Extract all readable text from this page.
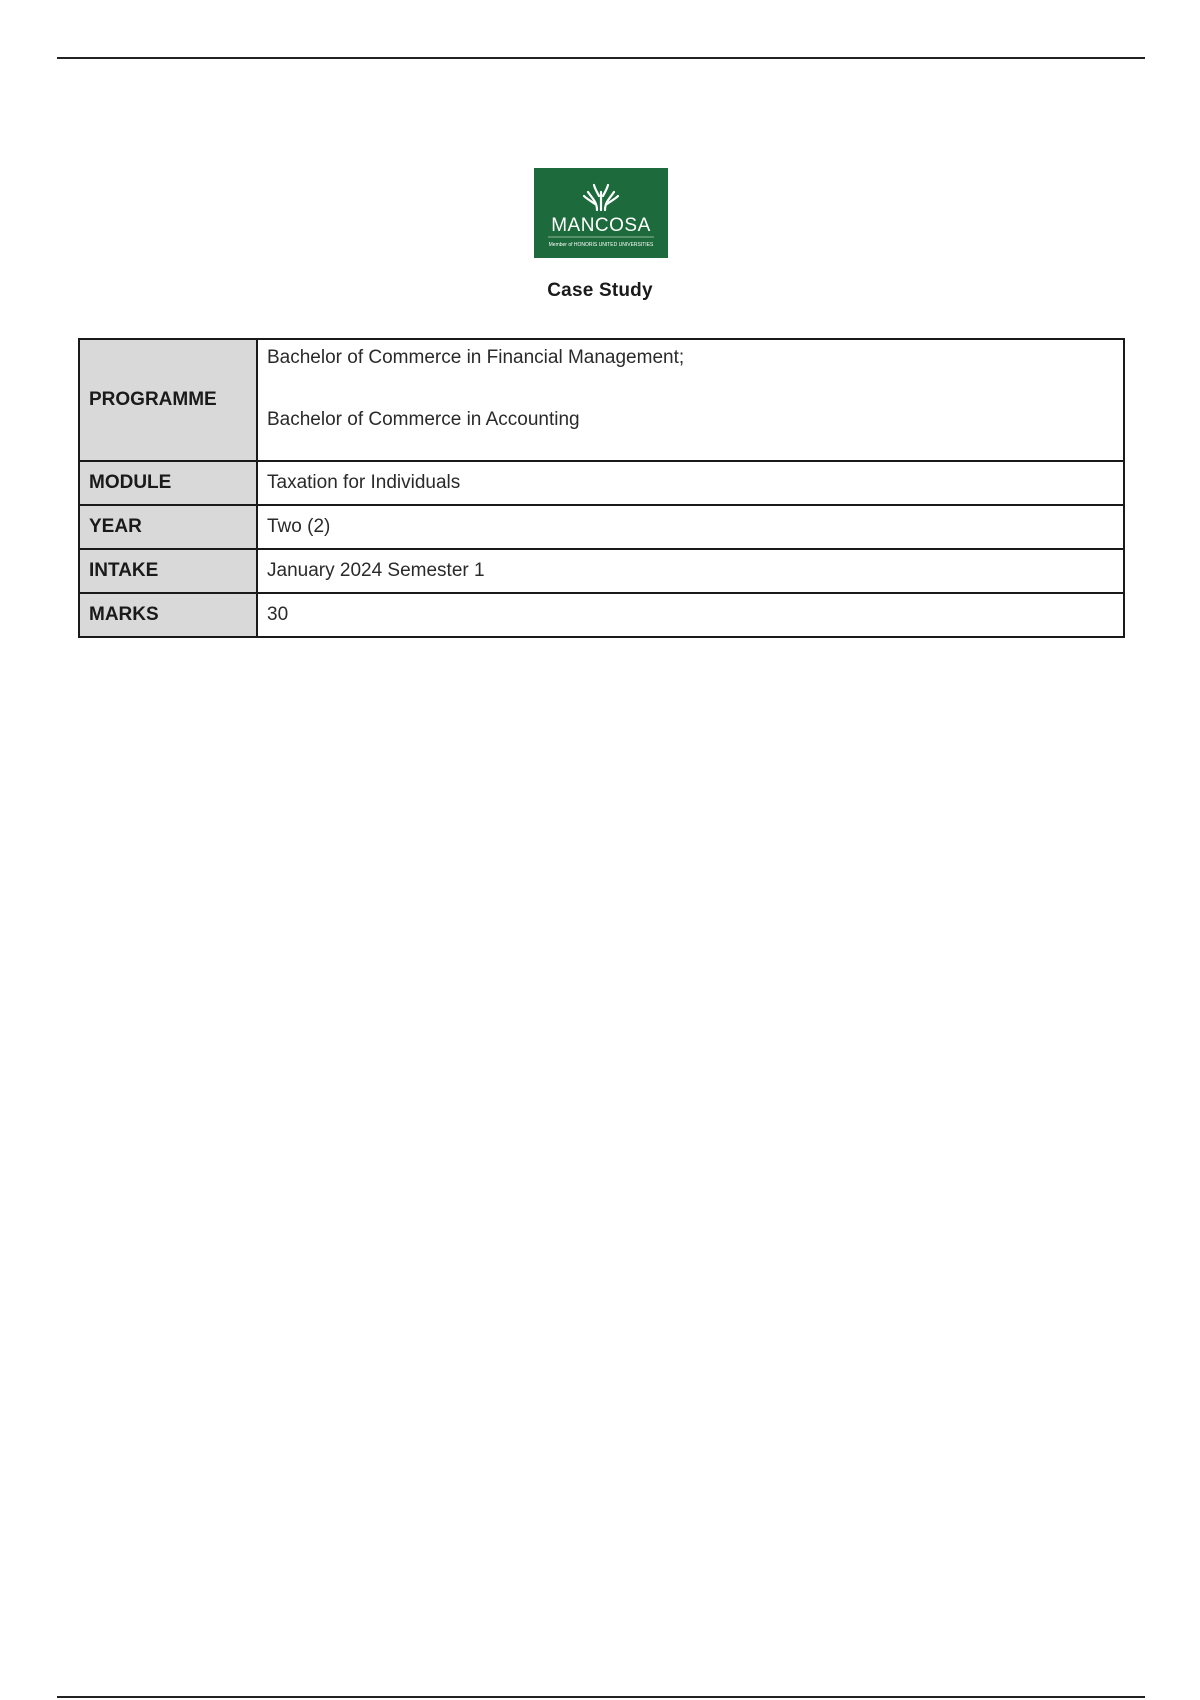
MANCOSA
Member of HONORIS UNITED UNIVERSITIES
Case Study
PROGRAMME	Bachelor of Commerce in Financial Management;
Bachelor of Commerce in Accounting

MODULE	Taxation for Individuals
YEAR	Two (2)
INTAKE	January 2024 Semester 1
MARKS	30
